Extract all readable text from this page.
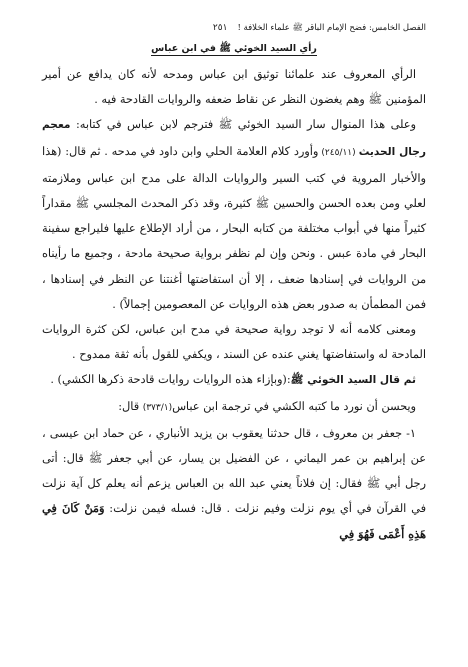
الفصل الخامس: فضح الإمام الباقر ﷺ علماء الخلافة !
٢٥١
رأي السيد الخوئي ﷺ في ابن عباس

الرأي المعروف عند علمائنا توثيق ابن عباس ومدحه لأنه كان يدافع عن أمير المؤمنين ﷺ وهم يغضون النظر عن نقاط ضعفه والروايات القادحة فيه .

وعلى هذا المنوال سار السيد الخوئي ﷺ فترجم لابن عباس في كتابه: معجم رجال الحديث (٢٤٥/١١) وأورد كلام العلامة الحلي وابن داود في مدحه . ثم قال: (هذا والأخبار المروية في كتب السير والروايات الدالة على مدح ابن عباس وملازمته لعلي ومن بعده الحسن والحسين ﷺ كثيرة، وقد ذكر المحدث المجلسي ﷺ مقداراً كثيراً منها في أبواب مختلفة من كتابه البحار ، من أراد الإطلاع عليها فليراجع سفينة البحار في مادة عبس . ونحن وإن لم نظفر برواية صحيحة مادحة ، وجميع ما رأيناه من الروايات في إسنادها ضعف ، إلا أن استفاضتها أغنتنا عن النظر في إسنادها ، فمن المطمأن به صدور بعض هذه الروايات عن المعصومين إجمالاً) .

ومعنى كلامه أنه لا توجد رواية صحيحة في مدح ابن عباس، لكن كثرة الروايات المادحة له واستفاضتها يغني عنده عن السند ، ويكفي للقول بأنه ثقة ممدوح .

ثم قال السيد الخوئي ﷺ:(وبإزاء هذه الروايات روايات قادحة ذكرها الكشي) .

ويحسن أن نورد ما كتبه الكشي في ترجمة ابن عباس(٣٧٣/١) قال:

١- جعفر بن معروف ، قال حدثنا يعقوب بن يزيد الأنباري ، عن حماد ابن عيسى ، عن إبراهيم بن عمر اليماني ، عن الفضيل بن يسار، عن أبي جعفر ﷺ قال: أتى رجل أبي ﷺ فقال: إن فلاناً يعني عبد الله بن العباس يزعم أنه يعلم كل آية نزلت في القرآن في أي يوم نزلت وفيم نزلت . قال: فسله فيمن نزلت: وَمَنْ كَانَ فِي هَذِهِ أَعْمَى فَهُوَ فِي
